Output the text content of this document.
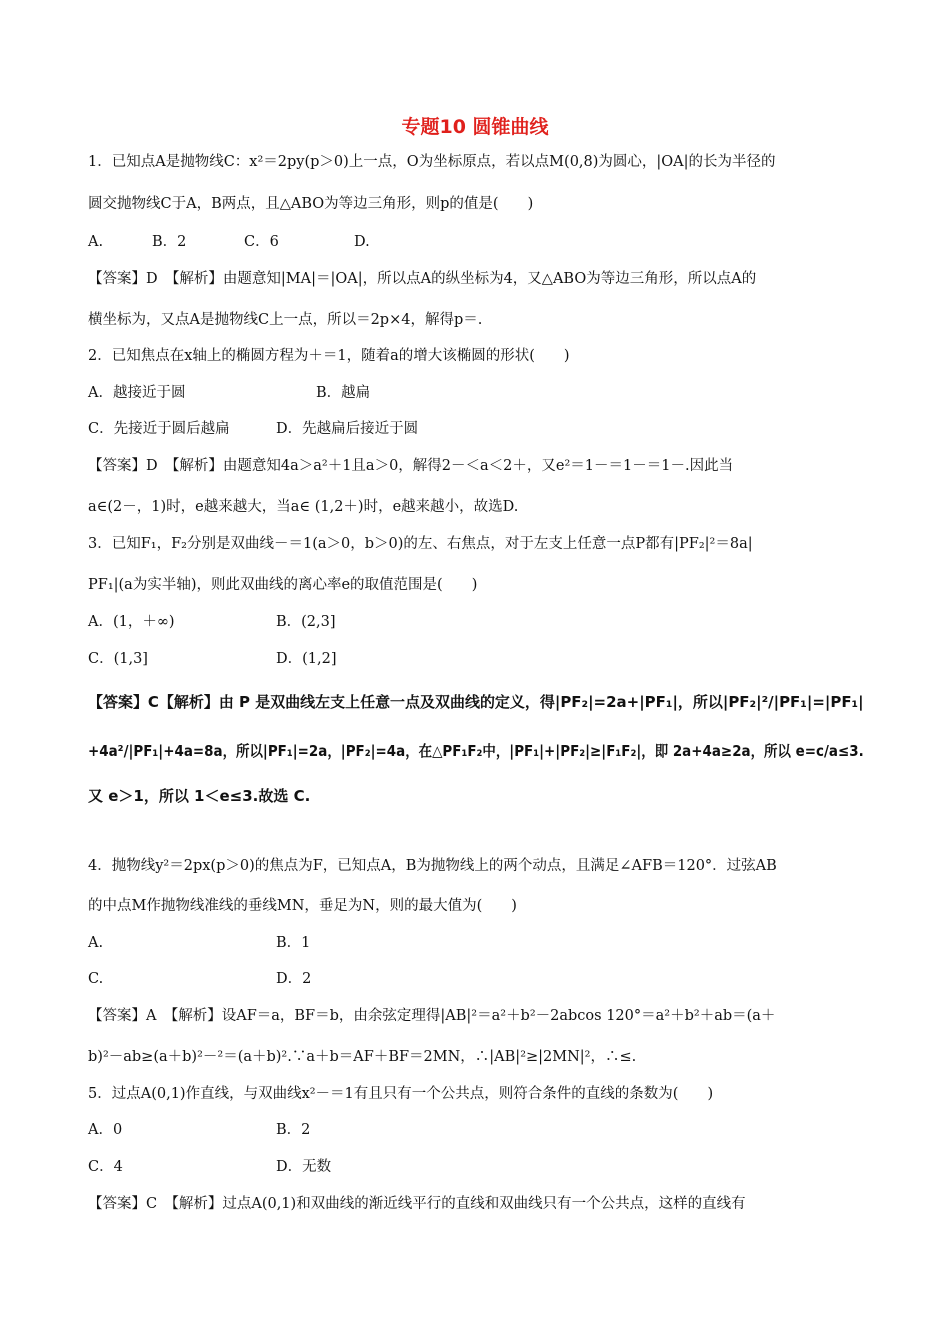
专题10 圆锥曲线
1．已知点A是抛物线C：x²＝2py(p＞0)上一点，O为坐标原点，若以点M(0,8)为圆心，|OA|的长为半径的
圆交抛物线C于A，B两点，且△ABO为等边三角形，则p的值是(　　)
A.	B．2	C．6	D.
【答案】D　【解析】由题意知|MA|＝|OA|，所以点A的纵坐标为4，又△ABO为等边三角形，所以点A的
横坐标为，又点A是抛物线C上一点，所以＝2p×4，解得p＝.
2．已知焦点在x轴上的椭圆方程为＋＝1，随着a的增大该椭圆的形状(　　)
A．越接近于圆	B．越扁
C．先接近于圆后越扁	D．先越扁后接近于圆
【答案】D　【解析】由题意知4a＞a²＋1且a＞0，解得2－＜a＜2＋，又e²＝1－＝1－＝1－.因此当
a∈(2－，1)时，e越来越大，当a∈ (1,2＋)时，e越来越小，故选D.
3．已知F₁，F₂分别是双曲线－＝1(a＞0，b＞0)的左、右焦点，对于左支上任意一点P都有|PF₂|²＝8a|
PF₁|(a为实半轴)，则此双曲线的离心率e的取值范围是(　　)
A．(1，＋∞)	B．(2,3]
C．(1,3]	D．(1,2]
【答案】C【解析】由 P 是双曲线左支上任意一点及双曲线的定义，得|PF₂|=2a+|PF₁|，所以|PF₂|²/|PF₁|=|PF₁|
+4a²/|PF₁|+4a=8a，所以|PF₁|=2a，|PF₂|=4a，在△PF₁F₂中，|PF₁|+|PF₂|≥|F₁F₂|，即 2a+4a≥2a，所以 e=c/a≤3.
又 e＞1，所以 1＜e≤3.故选 C.
4．抛物线y²＝2px(p＞0)的焦点为F，已知点A，B为抛物线上的两个动点，且满足∠AFB＝120°．过弦AB
的中点M作抛物线准线的垂线MN，垂足为N，则的最大值为(　　)
A.	B．1
C.	D．2
【答案】A　【解析】设AF＝a，BF＝b，由余弦定理得|AB|²＝a²＋b²－2abcos 120°＝a²＋b²＋ab＝(a＋
b)²－ab≥(a＋b)²－²＝(a＋b)².∵a＋b＝AF＋BF＝2MN，∴|AB|²≥|2MN|²，∴≤.
5．过点A(0,1)作直线，与双曲线x²－＝1有且只有一个公共点，则符合条件的直线的条数为(　　)
A．0	B．2
C．4	D．无数
【答案】C　【解析】过点A(0,1)和双曲线的渐近线平行的直线和双曲线只有一个公共点，这样的直线有
